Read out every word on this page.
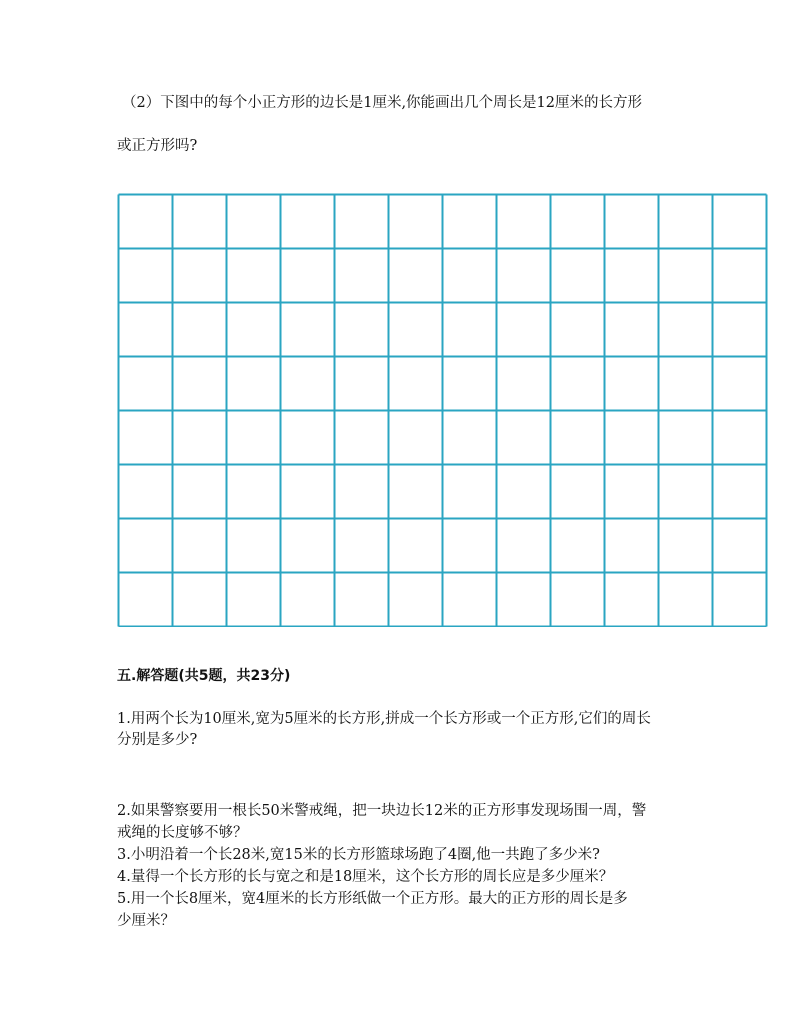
（2）下图中的每个小正方形的边长是1厘米,你能画出几个周长是12厘米的长方形
或正方形吗?
五.解答题(共5题，共23分)
1.用两个长为10厘米,宽为5厘米的长方形,拼成一个长方形或一个正方形,它们的周长
分别是多少?
2.如果警察要用一根长50米警戒绳，把一块边长12米的正方形事发现场围一周，警
戒绳的长度够不够？
3.小明沿着一个长28米,宽15米的长方形篮球场跑了4圈,他一共跑了多少米?
4.量得一个长方形的长与宽之和是18厘米，这个长方形的周长应是多少厘米？
5.用一个长8厘米，宽4厘米的长方形纸做一个正方形。最大的正方形的周长是多
少厘米？
